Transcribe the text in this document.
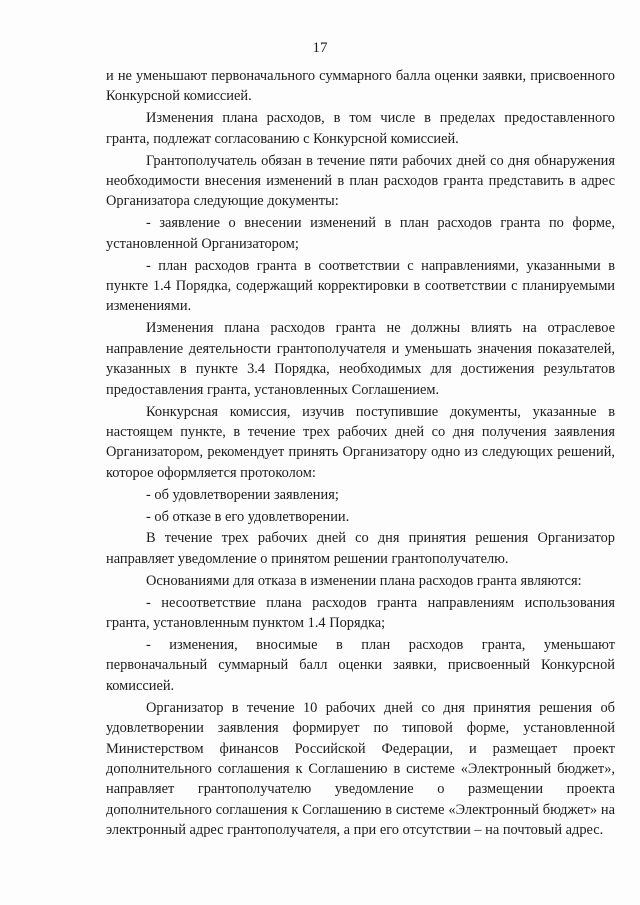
17

и не уменьшают первоначального суммарного балла оценки заявки, присвоенного Конкурсной комиссией.

Изменения плана расходов, в том числе в пределах предоставленного гранта, подлежат согласованию с Конкурсной комиссией.

Грантополучатель обязан в течение пяти рабочих дней со дня обнаружения необходимости внесения изменений в план расходов гранта представить в адрес Организатора следующие документы:

- заявление о внесении изменений в план расходов гранта по форме, установленной Организатором;

- план расходов гранта в соответствии с направлениями, указанными в пункте 1.4 Порядка, содержащий корректировки в соответствии с планируемыми изменениями.

Изменения плана расходов гранта не должны влиять на отраслевое направление деятельности грантополучателя и уменьшать значения показателей, указанных в пункте 3.4 Порядка, необходимых для достижения результатов предоставления гранта, установленных Соглашением.

Конкурсная комиссия, изучив поступившие документы, указанные в настоящем пункте, в течение трех рабочих дней со дня получения заявления Организатором, рекомендует принять Организатору одно из следующих решений, которое оформляется протоколом:

- об удовлетворении заявления;

- об отказе в его удовлетворении.

В течение трех рабочих дней со дня принятия решения Организатор направляет уведомление о принятом решении грантополучателю.

Основаниями для отказа в изменении плана расходов гранта являются:

- несоответствие плана расходов гранта направлениям использования гранта, установленным пунктом 1.4 Порядка;

- изменения, вносимые в план расходов гранта, уменьшают первоначальный суммарный балл оценки заявки, присвоенный Конкурсной комиссией.

Организатор в течение 10 рабочих дней со дня принятия решения об удовлетворении заявления формирует по типовой форме, установленной Министерством финансов Российской Федерации, и размещает проект дополнительного соглашения к Соглашению в системе «Электронный бюджет», направляет грантополучателю уведомление о размещении проекта дополнительного соглашения к Соглашению в системе «Электронный бюджет» на электронный адрес грантополучателя, а при его отсутствии – на почтовый адрес.
